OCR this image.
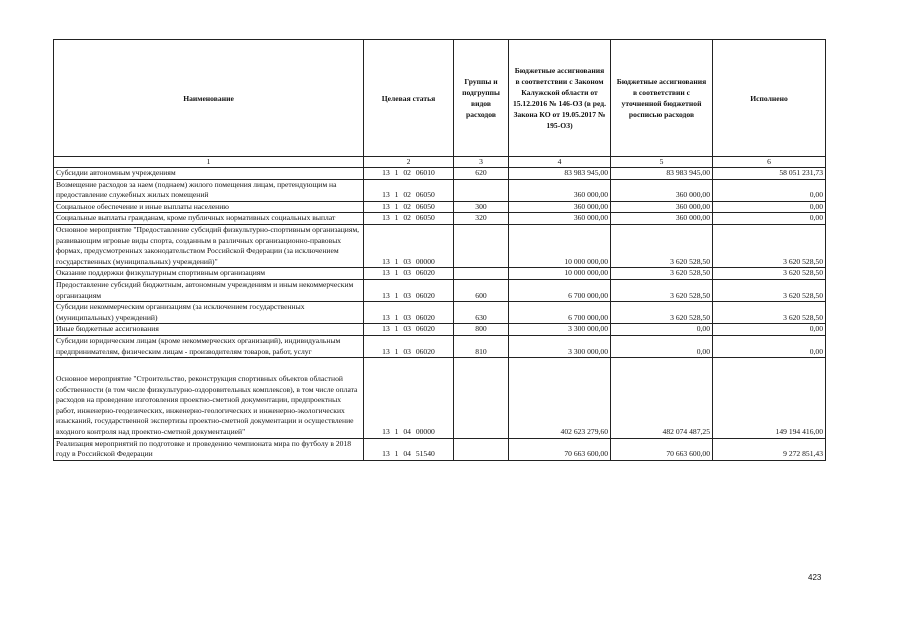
Наименование	Целевая статья	Группы и подгруппы видов расходов	Бюджетные ассигнования в соответствии с Законом Калужской области от 15.12.2016 № 146-ОЗ (в ред. Закона КО от 19.05.2017 № 195-ОЗ)	Бюджетные ассигнования в соответствии с уточненной бюджетной росписью расходов	Исполнено
1	2	3	4	5	6
Субсидии автономным учреждениям	13 1 02 06010	620	83 983 945,00	83 983 945,00	58 051 231,73
Возмещение расходов за наем (поднаем) жилого помещения лицам, претендующим на предоставление служебных жилых помещений	13 1 02 06050		360 000,00	360 000,00	0,00
Социальное обеспечение и иные выплаты населению	13 1 02 06050	300	360 000,00	360 000,00	0,00
Социальные выплаты гражданам, кроме публичных нормативных социальных выплат	13 1 02 06050	320	360 000,00	360 000,00	0,00
Основное мероприятие "Предоставление субсидий физкультурно-спортивным организациям, развивающим игровые виды спорта, созданным в различных организационно-правовых формах, предусмотренных законодательством Российской Федерации (за исключением государственных (муниципальных) учреждений)"	13 1 03 00000		10 000 000,00	3 620 528,50	3 620 528,50
Оказание поддержки физкультурным спортивным организациям	13 1 03 06020		10 000 000,00	3 620 528,50	3 620 528,50
Предоставление субсидий бюджетным, автономным учреждениям и иным некоммерческим организациям	13 1 03 06020	600	6 700 000,00	3 620 528,50	3 620 528,50
Субсидии некоммерческим организациям (за исключением государственных (муниципальных) учреждений)	13 1 03 06020	630	6 700 000,00	3 620 528,50	3 620 528,50
Иные бюджетные ассигнования	13 1 03 06020	800	3 300 000,00	0,00	0,00
Субсидии юридическим лицам (кроме некоммерческих организаций), индивидуальным предпринимателям, физическим лицам - производителям товаров, работ, услуг	13 1 03 06020	810	3 300 000,00	0,00	0,00
Основное мероприятие "Строительство, реконструкция спортивных объектов областной собственности (в том числе физкультурно-оздоровительных комплексов), в том числе оплата расходов на проведение изготовления проектно-сметной документации, предпроектных работ, инженерно-геодезических, инженерно-геологических и инженерно-экологических изысканий, государственной экспертизы проектно-сметной документации и осуществление входного контроля над проектно-сметной документацией"	13 1 04 00000		402 623 279,60	482 074 487,25	149 194 416,00
Реализация мероприятий по подготовке и проведению чемпионата мира по футболу в 2018 году в Российской Федерации	13 1 04 51540		70 663 600,00	70 663 600,00	9 272 851,43
423
